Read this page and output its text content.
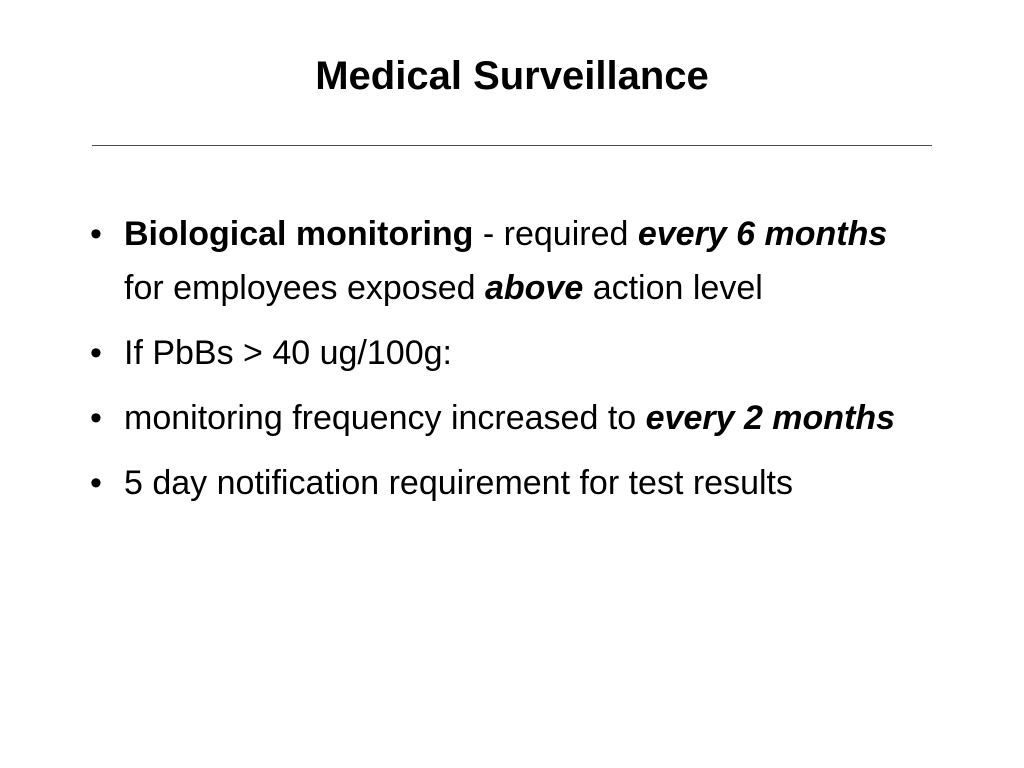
Medical Surveillance
• Biological monitoring - required every 6 months for employees exposed above action level
• If PbBs > 40 ug/100g:
• monitoring frequency increased to every 2 months
• 5 day notification requirement for test results
